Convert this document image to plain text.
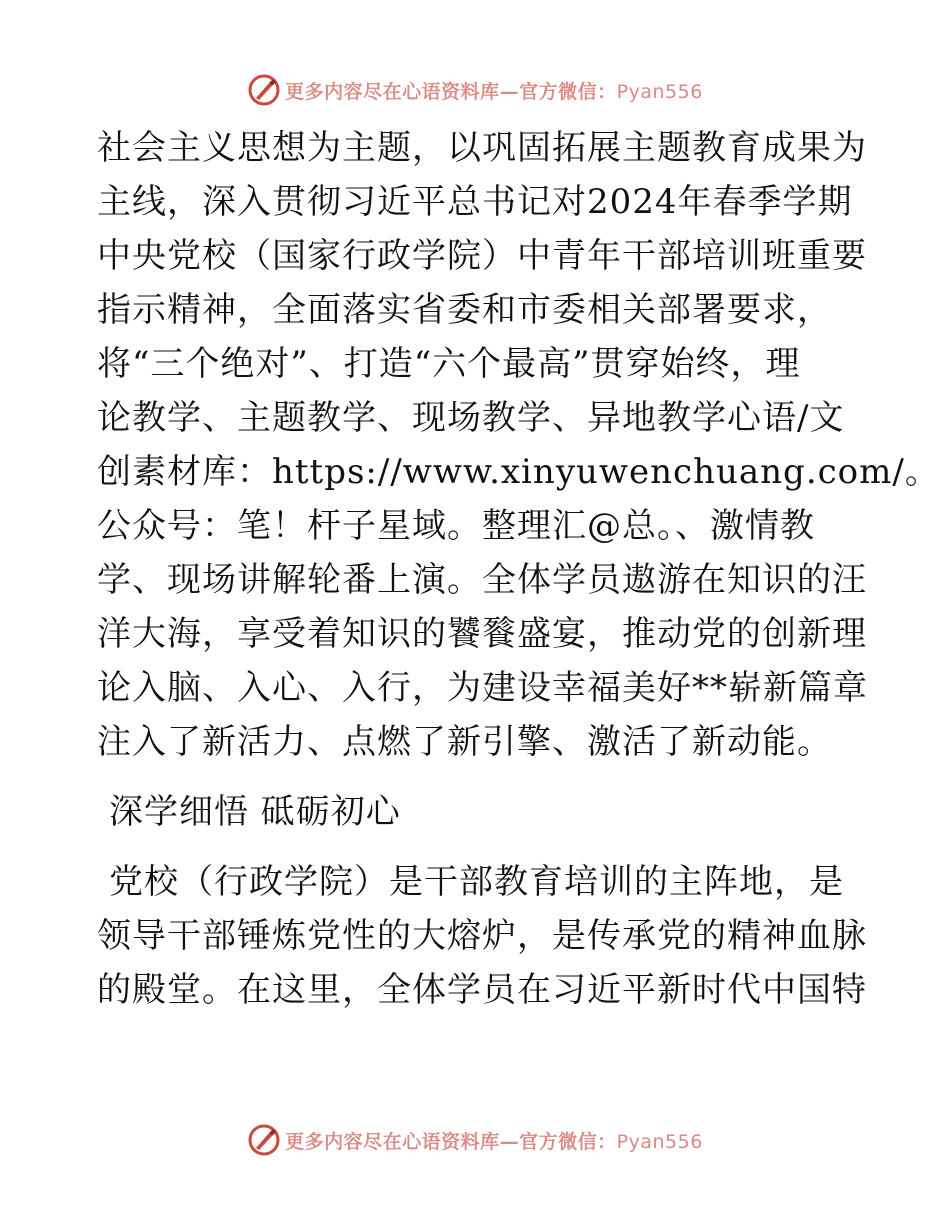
更多内容尽在心语资料库—官方微信：Pyan556
社会主义思想为主题，以巩固拓展主题教育成果为
主线，深入贯彻习近平总书记对2024年春季学期
中央党校（国家行政学院）中青年干部培训班重要
指示精神，全面落实省委和市委相关部署要求，
将“三个绝对”、打造“六个最高”贯穿始终，理
论教学、主题教学、现场教学、异地教学心语/文
创素材库：https://www.xinyuwenchuang.com/。
公众号：笔！杆子星域。整理汇@总。、激情教
学、现场讲解轮番上演。全体学员遨游在知识的汪
洋大海，享受着知识的饕餮盛宴，推动党的创新理
论入脑、入心、入行，为建设幸福美好**崭新篇章
注入了新活力、点燃了新引擎、激活了新动能。
深学细悟 砥砺初心
党校（行政学院）是干部教育培训的主阵地，是
领导干部锤炼党性的大熔炉，是传承党的精神血脉
的殿堂。在这里，全体学员在习近平新时代中国特
更多内容尽在心语资料库—官方微信：Pyan556
